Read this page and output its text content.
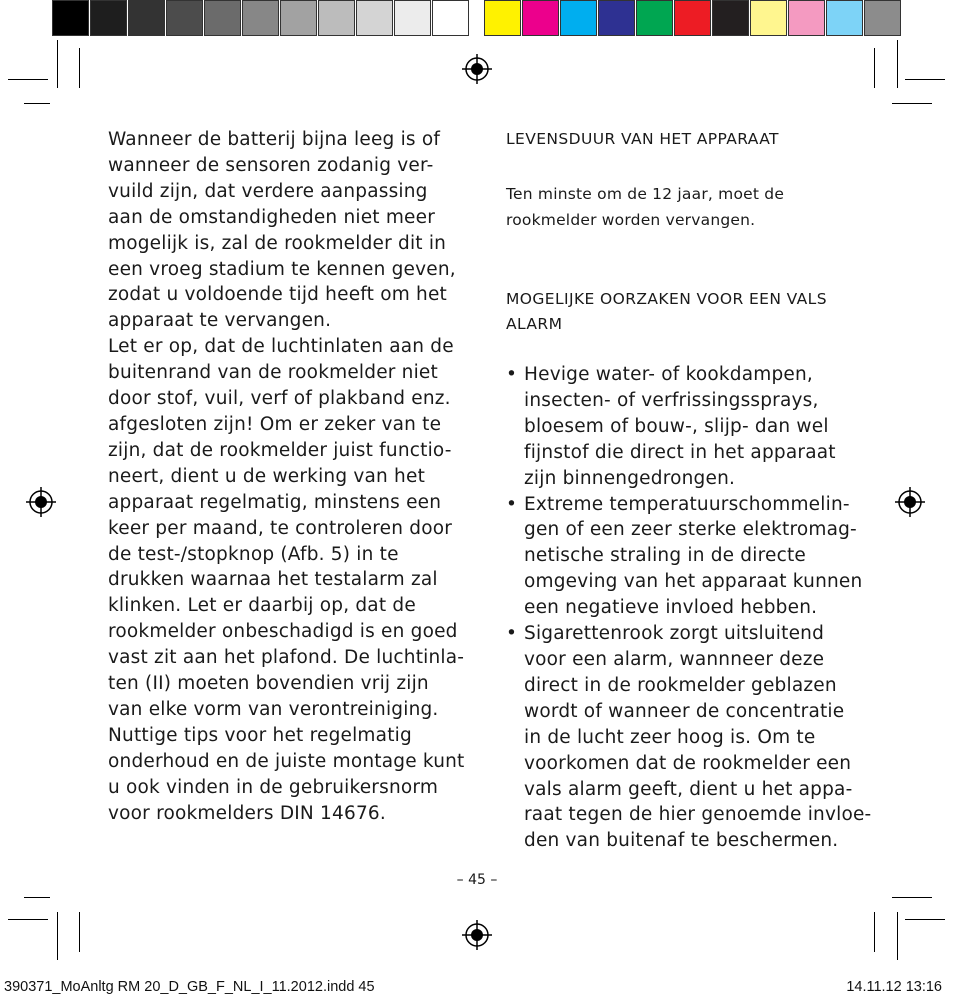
Wanneer de batterij bijna leeg is of
wanneer de sensoren zodanig ver-
vuild zijn, dat verdere aanpassing
aan de omstandigheden niet meer
mogelijk is, zal de rookmelder dit in
een vroeg stadium te kennen geven,
zodat u voldoende tijd heeft om het
apparaat te vervangen.
Let er op, dat de luchtinlaten aan de
buitenrand van de rookmelder niet
door stof, vuil, verf of plakband enz.
afgesloten zijn! Om er zeker van te
zijn, dat de rookmelder juist functio-
neert, dient u de werking van het
apparaat regelmatig, minstens een
keer per maand, te controleren door
de test-/stopknop (Afb. 5) in te
drukken waarnaa het testalarm zal
klinken. Let er daarbij op, dat de
rookmelder onbeschadigd is en goed
vast zit aan het plafond. De luchtinla-
ten (II) moeten bovendien vrij zijn
van elke vorm van verontreiniging.
Nuttige tips voor het regelmatig
onderhoud en de juiste montage kunt
u ook vinden in de gebruikersnorm
voor rookmelders DIN 14676.
LEVENSDUUR VAN HET APPARAAT
Ten minste om de 12 jaar, moet de
rookmelder worden vervangen.
MOGELIJKE OORZAKEN VOOR EEN VALS
ALARM
• Hevige water- of kookdampen,
insecten- of verfrissingssprays,
bloesem of bouw-, slijp- dan wel
fijnstof die direct in het apparaat
zijn binnengedrongen.
• Extreme temperatuurschommelin-
gen of een zeer sterke elektromag-
netische straling in de directe
omgeving van het apparaat kunnen
een negatieve invloed hebben.
• Sigarettenrook zorgt uitsluitend
voor een alarm, wannneer deze
direct in de rookmelder geblazen
wordt of wanneer de concentratie
in de lucht zeer hoog is. Om te
voorkomen dat de rookmelder een
vals alarm geeft, dient u het appa-
raat tegen de hier genoemde invloe-
den van buitenaf te beschermen.
– 45 –
390371_MoAnltg RM 20_D_GB_F_NL_I_11.2012.indd 45	14.11.12 13:16
